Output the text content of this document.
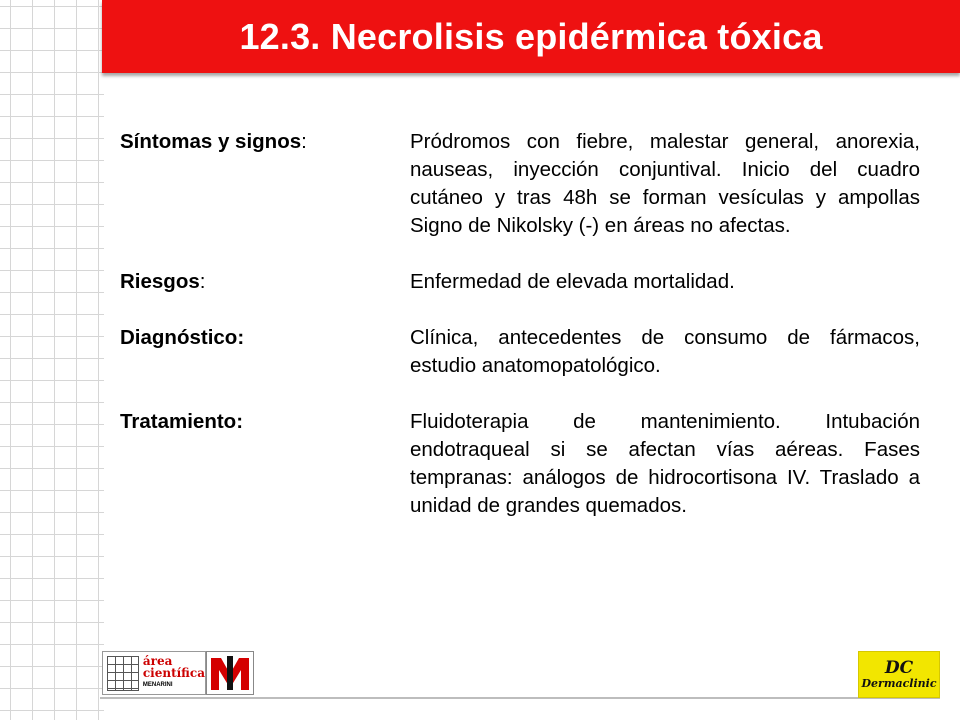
12.3. Necrolisis epidérmica tóxica
Síntomas y signos:	Pródromos con fiebre, malestar general, anorexia, nauseas, inyección conjuntival. Inicio del cuadro cutáneo y tras 48h se forman vesículas y ampollas Signo de Nikolsky (-) en áreas no afectas.
Riesgos:	Enfermedad de elevada mortalidad.
Diagnóstico:	Clínica, antecedentes de consumo de fármacos, estudio anatomopatológico.
Tratamiento:	Fluidoterapia de mantenimiento. Intubación endotraqueal si se afectan vías aéreas. Fases tempranas: análogos de hidrocortisona IV. Traslado a unidad de grandes quemados.
área
científica
MENARINI
DC
Dermaclinic
